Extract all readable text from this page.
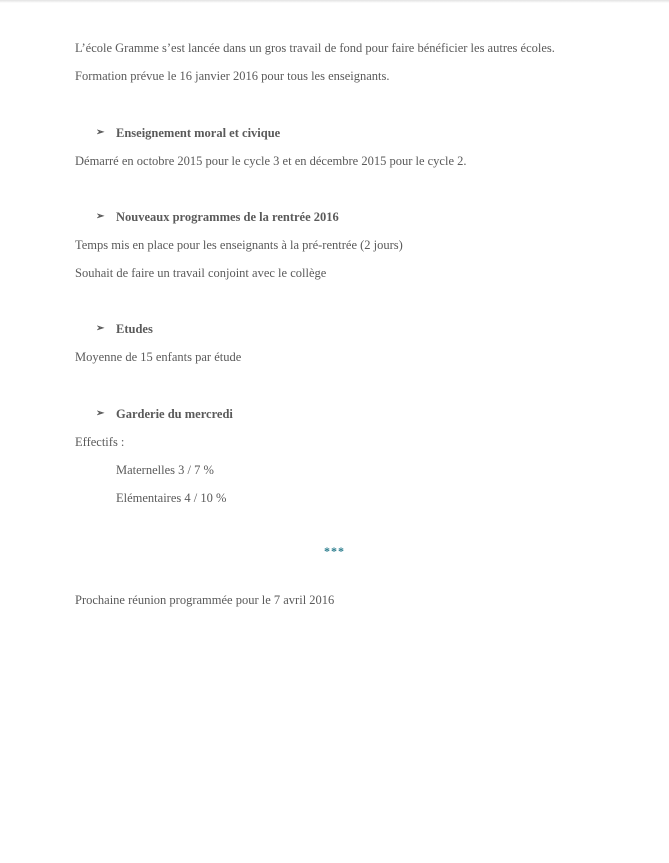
L’école Gramme s’est lancée dans un gros travail de fond pour faire bénéficier les autres écoles.
Formation prévue le 16 janvier 2016 pour tous les enseignants.
➢ Enseignement moral et civique
Démarré en octobre 2015 pour le cycle 3 et en décembre 2015 pour le cycle 2.
➢ Nouveaux programmes de la rentrée 2016
Temps mis en place pour les enseignants à la pré-rentrée (2 jours)
Souhait de faire un travail conjoint avec le collège
➢ Etudes
Moyenne de 15 enfants par étude
➢ Garderie du mercredi
Effectifs :
Maternelles 3 / 7 %
Elémentaires 4 / 10 %
***
Prochaine réunion programmée pour le 7 avril 2016
